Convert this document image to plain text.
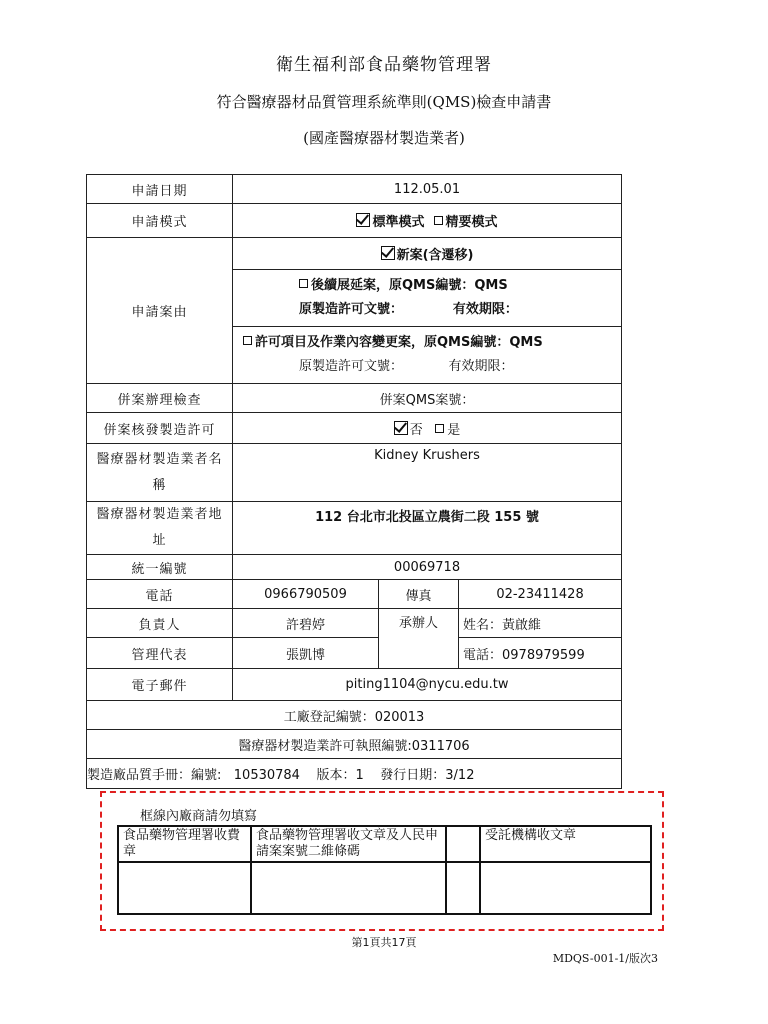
衛生福利部食品藥物管理署
符合醫療器材品質管理系統準則(QMS)檢查申請書
(國產醫療器材製造業者)
申請日期	112.05.01		
申請模式	標準模式 精要模式		
申請案由	新案(含遷移)		

	後續展延案，原QMS編號：QMS
原製造許可文號： 有效期限：		

	許可項目及作業內容變更案，原QMS編號：QMS
原製造許可文號： 有效期限：		

併案辦理檢查	併案QMS案號：		
併案核發製造許可	否 是		
醫療器材製造業者名稱	Kidney Krushers		
醫療器材製造業者地址	112 台北市北投區立農街二段 155 號		
統一編號	00069718		
電話	0966790509	傳真	02-23411428
負責人	許碧婷	承辦人	姓名：黃啟維
管理代表	張凱博		電話：0978979599
電子郵件	piting1104@nycu.edu.tw		
工廠登記編號：020013			
醫療器材製造業許可執照編號:0311706			
製造廠品質手冊：編號:   10530784    版本：1    發行日期：3/12			
框線內廠商請勿填寫
食品藥物管理署收費章	食品藥物管理署收文章及人民申請案案號二維條碼		受託機構收文章

第1頁共17頁
MDQS-001-1/版次3
